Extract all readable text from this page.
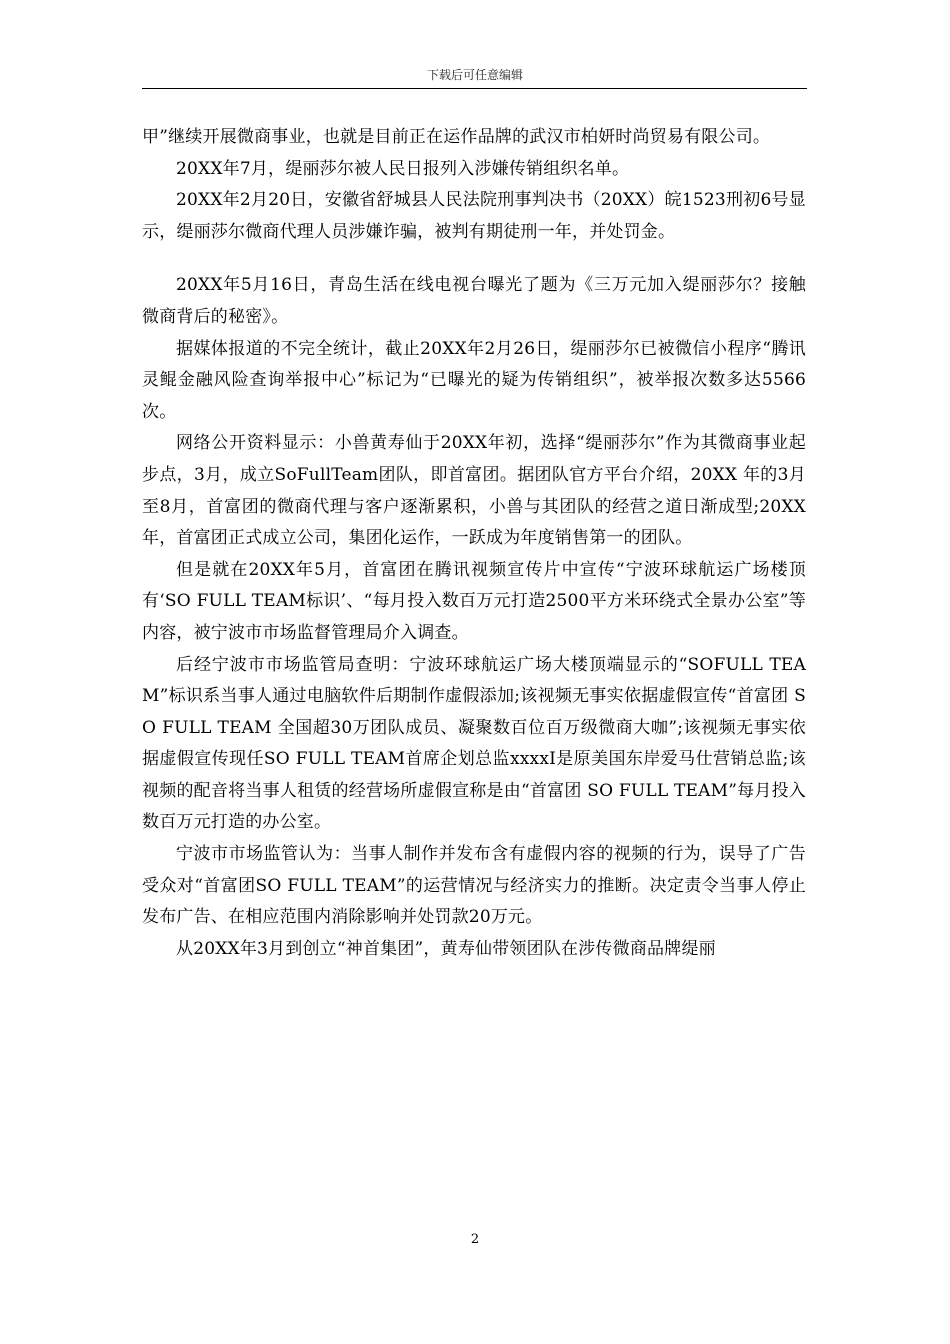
下载后可任意编辑

甲”继续开展微商事业，也就是目前正在运作品牌的武汉市柏妍时尚贸易有限公司。

20XX年7月，缇丽莎尔被人民日报列入涉嫌传销组织名单。

20XX年2月20日，安徽省舒城县人民法院刑事判决书（20XX）皖1523刑初6号显示，缇丽莎尔微商代理人员涉嫌诈骗，被判有期徒刑一年，并处罚金。

20XX年5月16日，青岛生活在线电视台曝光了题为《三万元加入缇丽莎尔？接触微商背后的秘密》。

据媒体报道的不完全统计，截止20XX年2月26日，缇丽莎尔已被微信小程序“腾讯灵鲲金融风险查询举报中心”标记为“已曝光的疑为传销组织”，被举报次数多达5566次。

网络公开资料显示：小兽黄寿仙于20XX年初，选择“缇丽莎尔”作为其微商事业起步点，3月，成立SoFullTeam团队，即首富团。据团队官方平台介绍，20XX 年的3月至8月，首富团的微商代理与客户逐渐累积，小兽与其团队的经营之道日渐成型;20XX 年，首富团正式成立公司，集团化运作，一跃成为年度销售第一的团队。

但是就在20XX年5月，首富团在腾讯视频宣传片中宣传“宁波环球航运广场楼顶有‘SO FULL TEAM标识’、“每月投入数百万元打造2500平方米环绕式全景办公室”等内容，被宁波市市场监督管理局介入调查。

后经宁波市市场监管局查明：宁波环球航运广场大楼顶端显示的“SOFULL TEAM”标识系当事人通过电脑软件后期制作虚假添加;该视频无事实依据虚假宣传“首富团 SO FULL TEAM 全国超30万团队成员、凝聚数百位百万级微商大咖”;该视频无事实依据虚假宣传现任SO FULL TEAM首席企划总监xxxxI是原美国东岸爱马仕营销总监;该视频的配音将当事人租赁的经营场所虚假宣称是由“首富团 SO FULL TEAM”每月投入数百万元打造的办公室。

宁波市市场监管认为：当事人制作并发布含有虚假内容的视频的行为，误导了广告受众对“首富团SO FULL TEAM”的运营情况与经济实力的推断。决定责令当事人停止发布广告、在相应范围内消除影响并处罚款20万元。

从20XX年3月到创立“神首集团”，黄寿仙带领团队在涉传微商品牌缇丽

2
